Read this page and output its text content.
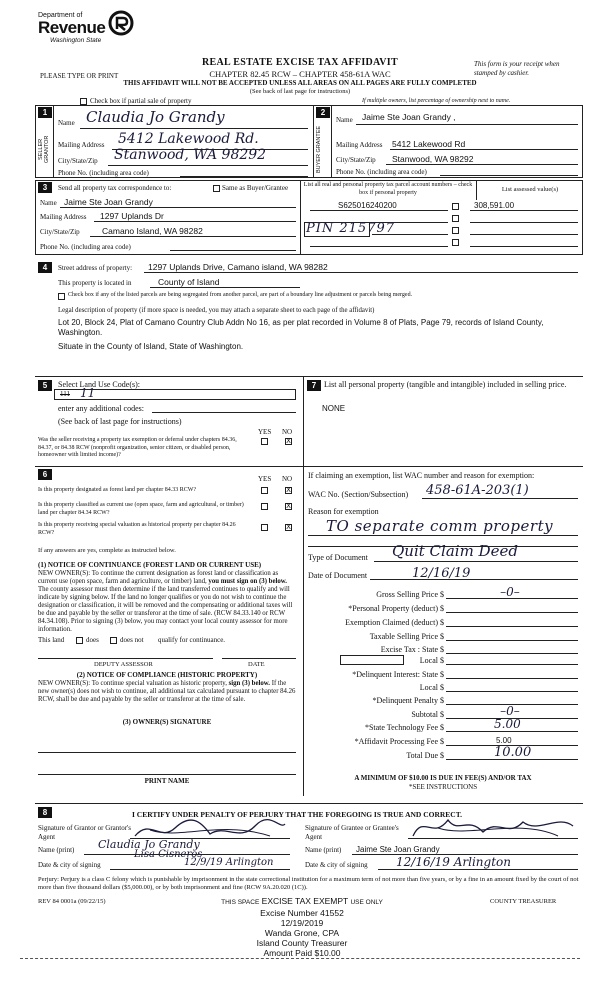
Department of
Revenue
Washington State
PLEASE TYPE OR PRINT
REAL ESTATE EXCISE TAX AFFIDAVIT
CHAPTER 82.45 RCW – CHAPTER 458-61A WAC
THIS AFFIDAVIT WILL NOT BE ACCEPTED UNLESS ALL AREAS ON ALL PAGES ARE FULLY COMPLETED
(See back of last page for instructions)
This form is your receipt when stamped by cashier.
Check box if partial sale of property	If multiple owners, list percentage of ownership next to name.
1
SELLER GRANTOR
Name Claudia Jo Grandy
Mailing Address 5412 Lakewood Rd.
City/State/Zip Stanwood, WA 98292
Phone No. (including area code)
2
BUYER GRANTEE
Name Jaime Ste Joan Grandy ,
Mailing Address 5412 Lakewood Rd
City/State/Zip Stanwood, WA 98292
Phone No. (including area code)
3	Send all property tax correspondence to:	Same as Buyer/Grantee
Name Jaime Ste Joan Grandy
Mailing Address 1297 Uplands Dr
City/State/Zip	Camano Island, WA 98282
Phone No. (including area code)
List all real and personal property tax parcel account numbers – check box if personal property	List assessed value(s)
S625016240200	308,591.00
PIN 215797
4	Street address of property: 1297 Uplands Drive, Camano island, WA 98282
This property is located in	County of Island
Check box if any of the listed parcels are being segregated from another parcel, are part of a boundary line adjustment or parcels being merged.
Legal description of property (if more space is needed, you may attach a separate sheet to each page of the affidavit)
Lot 20, Block 24, Plat of Camano Country Club Addn No 16, as per plat recorded in Volume 8 of Plats, Page 79, records of Island County, Washington.
Situate in the County of Island, State of Washington.
5	Select Land Use Code(s):
111 11
enter any additional codes:
(See back of last page for instructions)
YES NO
Was the seller receiving a property tax exemption or deferral under chapters 84.36, 84.37, or 84.38 RCW (nonprofit organization, senior citizen, or disabled person, homeowner with limited income)?
X
7 List all personal property (tangible and intangible) included in selling price.
NONE
6	YES NO
Is this property designated as forest land per chapter 84.33 RCW?	X
Is this property classified as current use (open space, farm and agricultural, or timber) land per chapter 84.34 RCW?
X
Is this property receiving special valuation as historical property per chapter 84.26 RCW?
X
If any answers are yes, complete as instructed below.
(1) NOTICE OF CONTINUANCE (FOREST LAND OR CURRENT USE)
NEW OWNER(S): To continue the current designation as forest land or classification as current use (open space, farm and agriculture, or timber) land, you must sign on (3) below. The county assessor must then determine if the land transferred continues to qualify and will indicate by signing below. If the land no longer qualifies or you do not wish to continue the designation or classification, it will be removed and the compensating or additional taxes will be due and payable by the seller or transferor at the time of sale. (RCW 84.33.140 or RCW 84.34.108). Prior to signing (3) below, you may contact your local county assessor for more information.
This land	does	does not qualify for continuance.
DEPUTY ASSESSOR	DATE
(2) NOTICE OF COMPLIANCE (HISTORIC PROPERTY)
NEW OWNER(S): To continue special valuation as historic property, sign (3) below. If the new owner(s) does not wish to continue, all additional tax calculated pursuant to chapter 84.26 RCW, shall be due and payable by the seller or transferor at the time of sale.
(3) OWNER(S) SIGNATURE
PRINT NAME
If claiming an exemption, list WAC number and reason for exemption:
WAC No. (Section/Subsection) 458-61A-203(1)
Reason for exemption
TO separate comm property
Type of Document Quit Claim Deed
Date of Document	12/16/19
Gross Selling Price $	–0–
*Personal Property (deduct) $
Exemption Claimed (deduct) $
Taxable Selling Price $
Excise Tax : State $
Local $
*Delinquent Interest: State $
Local $
*Delinquent Penalty $
Subtotal $	–0–
*State Technology Fee $	5.00
*Affidavit Processing Fee $	5.00
Total Due $	10.00
A MINIMUM OF $10.00 IS DUE IN FEE(S) AND/OR TAX
*SEE INSTRUCTIONS
8	I CERTIFY UNDER PENALTY OF PERJURY THAT THE FOREGOING IS TRUE AND CORRECT.
Signature of Grantor or Grantor's Agent
Name (print) Claudia Jo Grandy
Date & city of signing
Lisa Cisneros
12/9/19 Arlington
Signature of Grantee or Grantee's Agent
Name (print) Jaime Ste Joan Grandy
Date & city of signing 12/16/19 Arlington
Perjury: Perjury is a class C felony which is punishable by imprisonment in the state correctional institution for a maximum term of not more than five years, or by a fine in an amount fixed by the court of not more than five thousand dollars ($5,000.00), or by both imprisonment and fine (RCW 9A.20.020 (1C)).
REV 84 0001a (09/22/15)	COUNTY TREASURER
THIS SPACE EXCISE TAX EXEMPT USE ONLY
Excise Number 41552
12/19/2019
Wanda Grone, CPA
Island County Treasurer
Amount Paid $10.00
